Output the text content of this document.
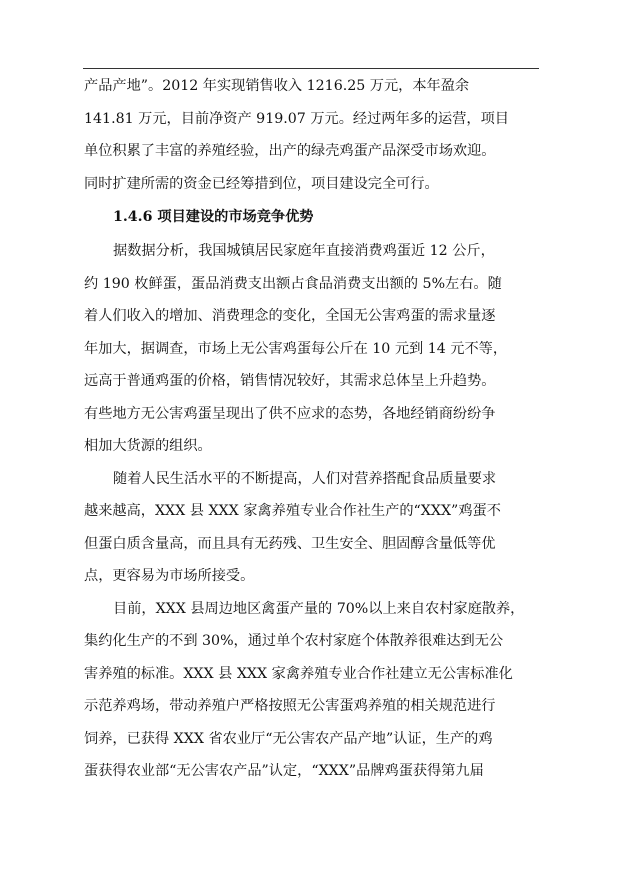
产品产地”。2012 年实现销售收入 1216.25 万元，本年盈余
141.81 万元，目前净资产 919.07 万元。经过两年多的运营，项目
单位积累了丰富的养殖经验，出产的绿壳鸡蛋产品深受市场欢迎。
同时扩建所需的资金已经筹措到位，项目建设完全可行。
1.4.6 项目建设的市场竞争优势
据数据分析，我国城镇居民家庭年直接消费鸡蛋近 12 公斤，
约 190 枚鲜蛋，蛋品消费支出额占食品消费支出额的 5%左右。随
着人们收入的增加、消费理念的变化，全国无公害鸡蛋的需求量逐
年加大，据调查，市场上无公害鸡蛋每公斤在 10 元到 14 元不等，
远高于普通鸡蛋的价格，销售情况较好，其需求总体呈上升趋势。
有些地方无公害鸡蛋呈现出了供不应求的态势，各地经销商纷纷争
相加大货源的组织。
随着人民生活水平的不断提高，人们对营养搭配食品质量要求
越来越高，XXX 县 XXX 家禽养殖专业合作社生产的“XXX”鸡蛋不
但蛋白质含量高，而且具有无药残、卫生安全、胆固醇含量低等优
点，更容易为市场所接受。
目前，XXX 县周边地区禽蛋产量的 70%以上来自农村家庭散养，
集约化生产的不到 30%，通过单个农村家庭个体散养很难达到无公
害养殖的标准。XXX 县 XXX 家禽养殖专业合作社建立无公害标准化
示范养鸡场，带动养殖户严格按照无公害蛋鸡养殖的相关规范进行
饲养，已获得 XXX 省农业厅“无公害农产品产地”认证，生产的鸡
蛋获得农业部“无公害农产品”认定，“XXX”品牌鸡蛋获得第九届
